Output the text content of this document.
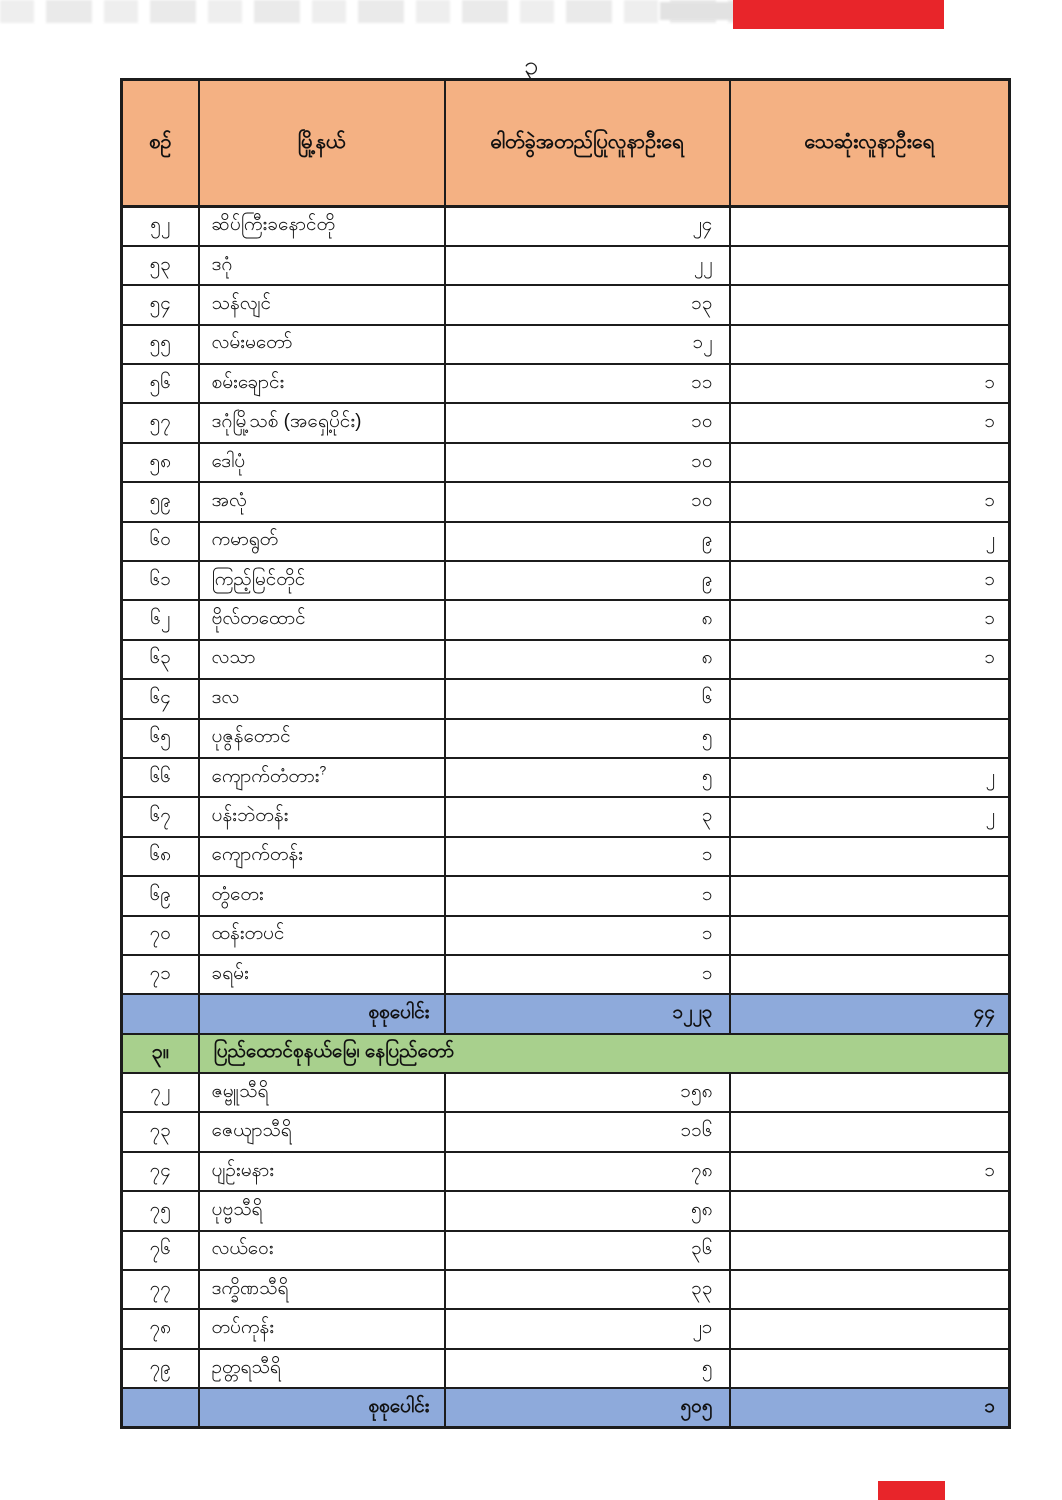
၃
စဉ်	မြို့နယ်	ဓါတ်ခွဲအတည်ပြုလူနာဦးရေ	သေဆုံးလူနာဦးရေ
၅၂	ဆိပ်ကြီးခနောင်တို	၂၄	
၅၃	ဒဂုံ	၂၂	
၅၄	သန်လျင်	၁၃	
၅၅	လမ်းမတော်	၁၂	
၅၆	စမ်းချောင်း	၁၁	၁
၅၇	ဒဂုံမြို့သစ် (အရှေ့ပိုင်း)	၁၀	၁
၅၈	ဒေါပုံ	၁၀	
၅၉	အလုံ	၁၀	၁
၆၀	ကမာရွတ်	၉	၂
၆၁	ကြည့်မြင်တိုင်	၉	၁
၆၂	ဗိုလ်တထောင်	၈	၁
၆၃	လသာ	၈	၁
၆၄	ဒလ	၆	
၆၅	ပုဇွန်တောင်	၅	
၆၆	ကျောက်တံတား?	၅	၂
၆၇	ပန်းဘဲတန်း	၃	၂
၆၈	ကျောက်တန်း	၁	
၆၉	တွံတေး	၁	
၇၀	ထန်းတပင်	၁	
၇၁	ခရမ်း	၁	
	စုစုပေါင်း	၁၂၂၃	၄၄
၃။	ပြည်ထောင်စုနယ်မြေ၊ နေပြည်တော်		
၇၂	ဇမ္ဗူသီရိ	၁၅၈	
၇၃	ဇေယျာသီရိ	၁၁၆	
၇၄	ပျဉ်းမနား	၇၈	၁
၇၅	ပုဗ္ဗသီရိ	၅၈	
၇၆	လယ်ဝေး	၃၆	
၇၇	ဒက္ခိဏသီရိ	၃၃	
၇၈	တပ်ကုန်း	၂၁	
၇၉	ဥတ္တရသီရိ	၅	
	စုစုပေါင်း	၅၀၅	၁
